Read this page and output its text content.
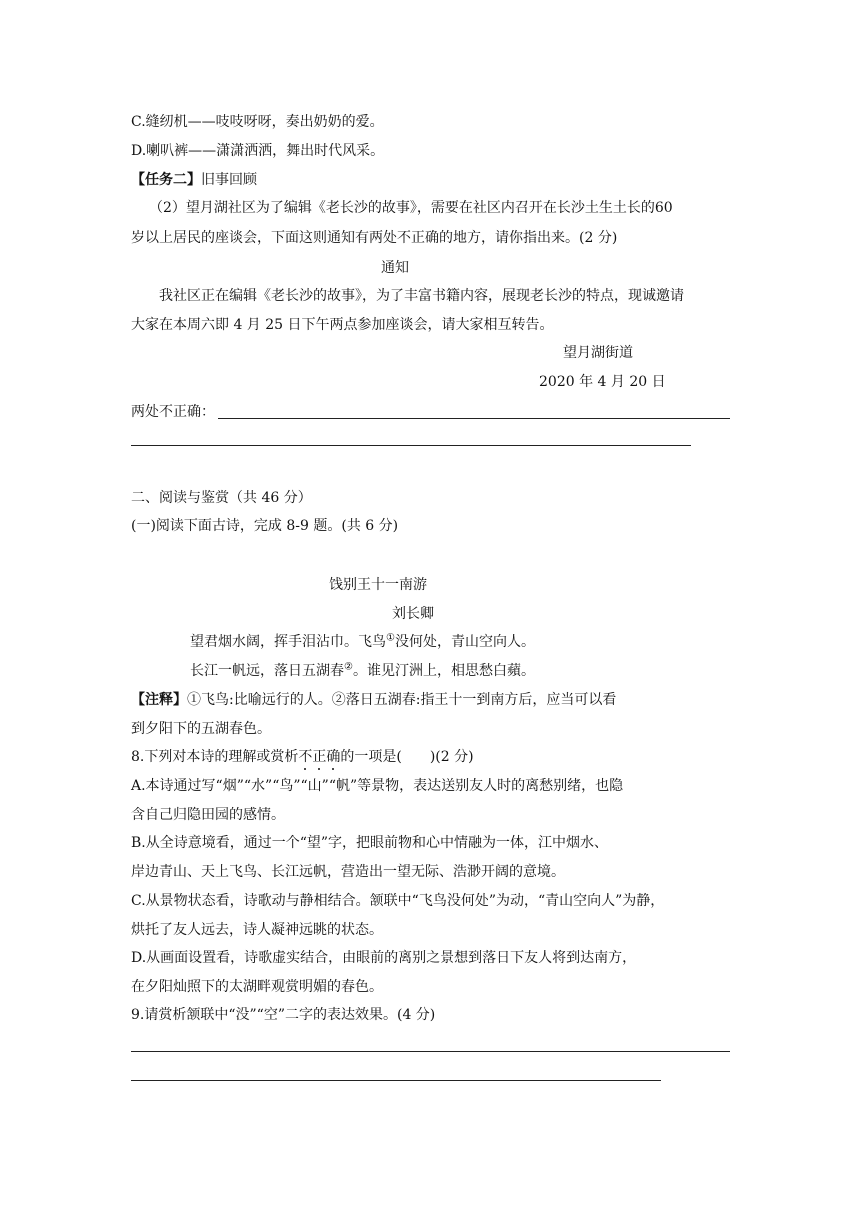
C.缝纫机——吱吱呀呀，奏出奶奶的爱。
D.喇叭裤——潇潇洒洒，舞出时代风采。
【任务二】旧事回顾
（2）望月湖社区为了编辑《老长沙的故事》，需要在社区内召开在长沙土生土长的60
岁以上居民的座谈会，下面这则通知有两处不正确的地方，请你指出来。(2 分)
通知
我社区正在编辑《老长沙的故事》，为了丰富书籍内容，展现老长沙的特点，现诚邀请
大家在本周六即 4 月 25 日下午两点参加座谈会，请大家相互转告。
望月湖街道
2020 年 4 月 20 日
两处不正确：
二、阅读与鉴赏（共 46 分）
(一)阅读下面古诗，完成 8-9 题。(共 6 分)
饯别王十一南游
刘长卿
望君烟水阔，挥手泪沾巾。飞鸟①没何处，青山空向人。
长江一帆远，落日五湖春②。谁见汀洲上，相思愁白蘋。
【注释】①飞鸟:比喻远行的人。②落日五湖春:指王十一到南方后，应当可以看
到夕阳下的五湖春色。
8.下列对本诗的理解或赏析不正确的一项是(　　)(2 分)
A.本诗通过写“烟”“水”“鸟”“山”“帆”等景物，表达送别友人时的离愁别绪，也隐
含自己归隐田园的感情。
B.从全诗意境看，通过一个“望”字，把眼前物和心中情融为一体，江中烟水、
岸边青山、天上飞鸟、长江远帆，营造出一望无际、浩渺开阔的意境。
C.从景物状态看，诗歌动与静相结合。颔联中“飞鸟没何处”为动，“青山空向人”为静，
烘托了友人远去，诗人凝神远眺的状态。
D.从画面设置看，诗歌虚实结合，由眼前的离别之景想到落日下友人将到达南方，
在夕阳灿照下的太湖畔观赏明媚的春色。
9.请赏析颔联中“没”“空”二字的表达效果。(4 分)
